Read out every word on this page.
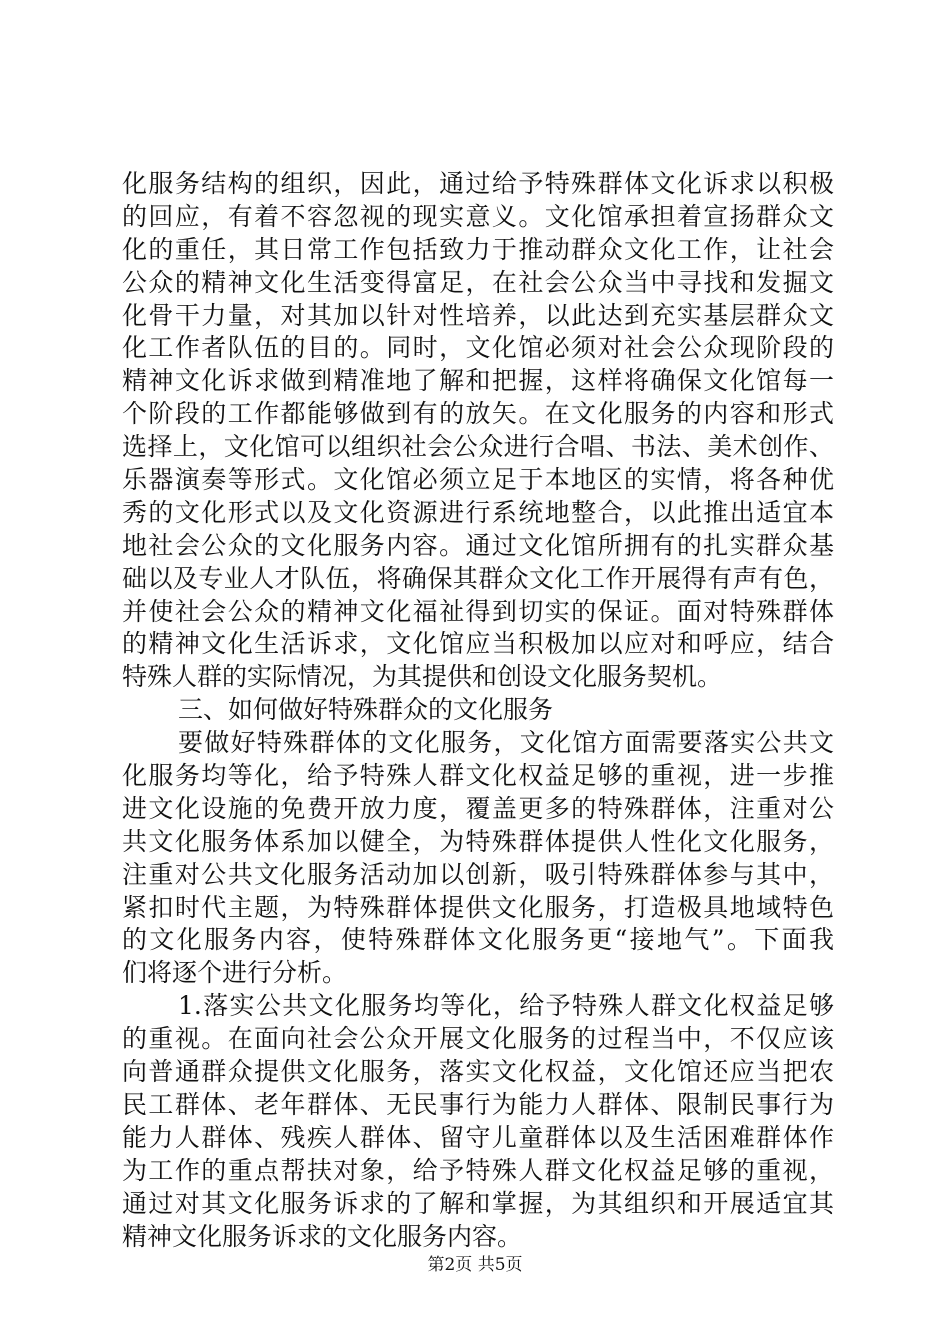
化服务结构的组织，因此，通过给予特殊群体文化诉求以积极
的回应，有着不容忽视的现实意义。文化馆承担着宣扬群众文
化的重任，其日常工作包括致力于推动群众文化工作，让社会
公众的精神文化生活变得富足，在社会公众当中寻找和发掘文
化骨干力量，对其加以针对性培养，以此达到充实基层群众文
化工作者队伍的目的。同时，文化馆必须对社会公众现阶段的
精神文化诉求做到精准地了解和把握，这样将确保文化馆每一
个阶段的工作都能够做到有的放矢。在文化服务的内容和形式
选择上，文化馆可以组织社会公众进行合唱、书法、美术创作、
乐器演奏等形式。文化馆必须立足于本地区的实情，将各种优
秀的文化形式以及文化资源进行系统地整合，以此推出适宜本
地社会公众的文化服务内容。通过文化馆所拥有的扎实群众基
础以及专业人才队伍，将确保其群众文化工作开展得有声有色，
并使社会公众的精神文化福祉得到切实的保证。面对特殊群体
的精神文化生活诉求，文化馆应当积极加以应对和呼应，结合
特殊人群的实际情况，为其提供和创设文化服务契机。
三、如何做好特殊群众的文化服务
要做好特殊群体的文化服务，文化馆方面需要落实公共文
化服务均等化，给予特殊人群文化权益足够的重视，进一步推
进文化设施的免费开放力度，覆盖更多的特殊群体，注重对公
共文化服务体系加以健全，为特殊群体提供人性化文化服务，
注重对公共文化服务活动加以创新，吸引特殊群体参与其中，
紧扣时代主题，为特殊群体提供文化服务，打造极具地域特色
的文化服务内容，使特殊群体文化服务更“接地气”。下面我
们将逐个进行分析。
1.落实公共文化服务均等化，给予特殊人群文化权益足够
的重视。在面向社会公众开展文化服务的过程当中，不仅应该
向普通群众提供文化服务，落实文化权益，文化馆还应当把农
民工群体、老年群体、无民事行为能力人群体、限制民事行为
能力人群体、残疾人群体、留守儿童群体以及生活困难群体作
为工作的重点帮扶对象，给予特殊人群文化权益足够的重视，
通过对其文化服务诉求的了解和掌握，为其组织和开展适宜其
精神文化服务诉求的文化服务内容。
第2页 共5页
